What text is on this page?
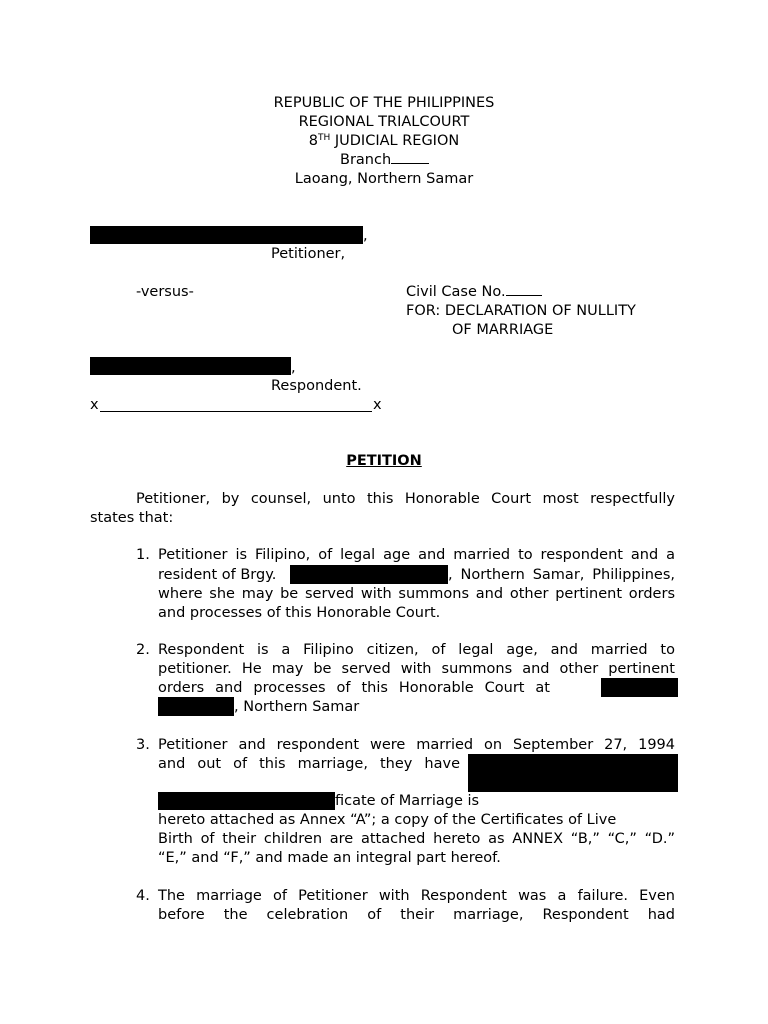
REPUBLIC OF THE PHILIPPINES
REGIONAL TRIALCOURT
8TH JUDICIAL REGION
Branch
Laoang, Northern Samar
,
Petitioner,
-versus-	Civil Case No.
FOR: DECLARATION OF NULLITY
OF MARRIAGE
,
Respondent.
x	x
PETITION
Petitioner, by counsel, unto this Honorable Court most respectfully
states that:
1. Petitioner is Filipino, of legal age and married to respondent and a
resident of Brgy.	, Northern Samar, Philippines,
where she may be served with summons and other pertinent orders
and processes of this Honorable Court.
2. Respondent is a Filipino citizen, of legal age, and married to
petitioner. He may be served with summons and other pertinent
orders and processes of this Honorable Court at
, Northern Samar
3. Petitioner and respondent were married on September 27, 1994
and out of this marriage, they have
ficate of Marriage is
hereto attached as Annex “A”; a copy of the Certificates of Live
Birth of their children are attached hereto as ANNEX “B,” “C,” “D.”
“E,” and “F,” and made an integral part hereof.
4. The marriage of Petitioner with Respondent was a failure. Even
before the celebration of their marriage, Respondent had
